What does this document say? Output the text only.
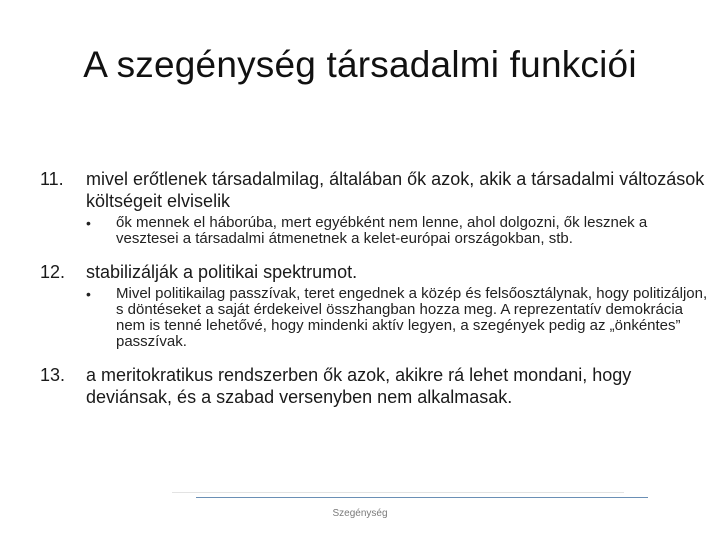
A szegénység társadalmi funkciói
11. mivel erőtlenek társadalmilag, általában ők azok, akik a társadalmi változások költségeit elviselik
• ők mennek el háborúba, mert egyébként nem lenne, ahol dolgozni, ők lesznek a vesztesei a társadalmi átmenetnek a kelet-európai országokban, stb.
12. stabilizálják a politikai spektrumot.
• Mivel politikailag passzívak, teret engednek a közép és felsőosztálynak, hogy politizáljon, s döntéseket a saját érdekeivel összhangban hozza meg. A reprezentatív demokrácia nem is tenné lehetővé, hogy mindenki aktív legyen, a szegények pedig az „önkéntes” passzívak.
13. a meritokratikus rendszerben ők azok, akikre rá lehet mondani, hogy deviánsak, és a szabad versenyben nem alkalmasak.
Szegénység
